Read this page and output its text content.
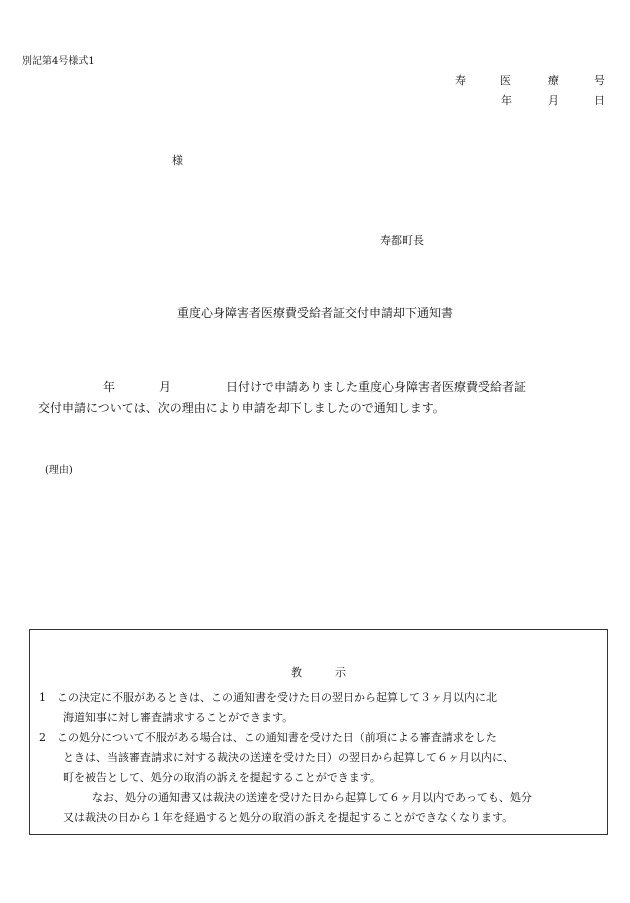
別記第4号様式1
寿	医	療	号
年	月	日
様
寿都町長
重度心身障害者医療費受給者証交付申請却下通知書
年	月	日付けで申請ありました重度心身障害者医療費受給者証
交付申請については、次の理由により申請を却下しましたので通知します。
(理由)
教　　　示
1　この決定に不服があるときは、この通知書を受けた日の翌日から起算して３ヶ月以内に北
海道知事に対し審査請求することができます。
2　この処分について不服がある場合は、この通知書を受けた日（前項による審査請求をした
ときは、当該審査請求に対する裁決の送達を受けた日）の翌日から起算して６ヶ月以内に、
町を被告として、処分の取消の訴えを提起することができます。
なお、処分の通知書又は裁決の送達を受けた日から起算して６ヶ月以内であっても、処分
又は裁決の日から１年を経過すると処分の取消の訴えを提起することができなくなります。
